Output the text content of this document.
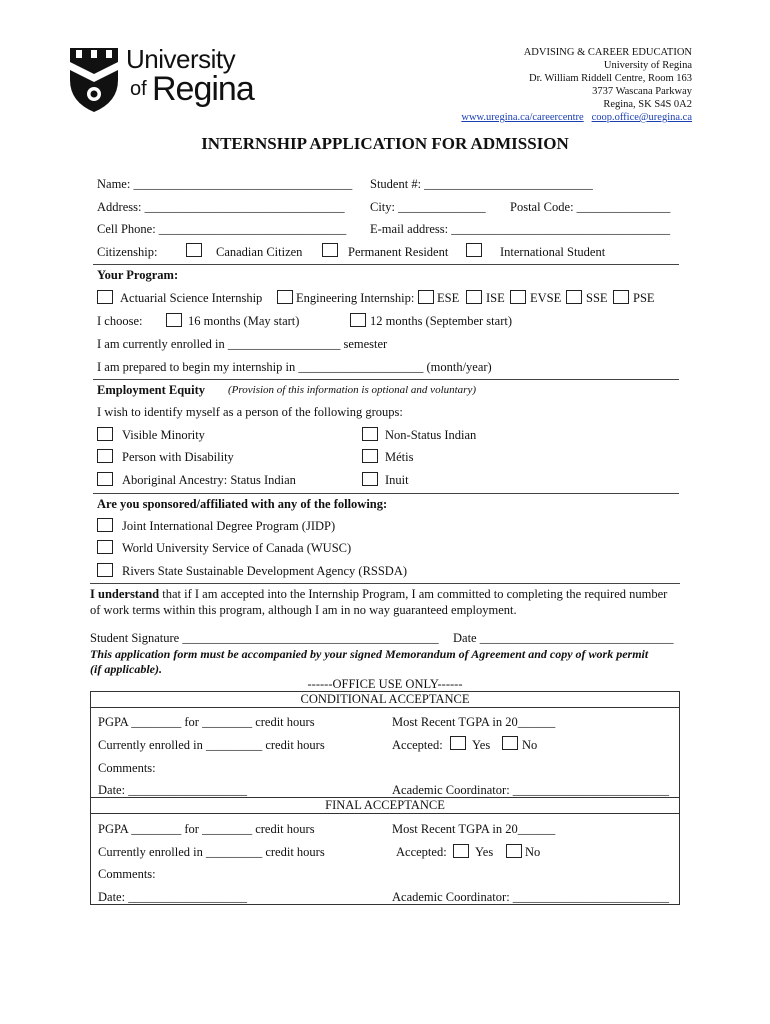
University
of Regina
ADVISING & CAREER EDUCATION
University of Regina
Dr. William Riddell Centre, Room 163
3737 Wascana Parkway
Regina, SK S4S 0A2
www.uregina.ca/careercentre coop.office@uregina.ca
INTERNSHIP APPLICATION FOR ADMISSION
Name: ___________________________________ Student #: ___________________________
Address: ________________________________ City: ______________ Postal Code: _______________
Cell Phone: ______________________________ E-mail address: ___________________________________
Citizenship:	Canadian Citizen	Permanent Resident	International Student
Your Program:
Actuarial Science Internship	Engineering Internship: ESE ISE EVSE SSE PSE
I choose:	16 months (May start)	12 months (September start)
I am currently enrolled in __________________ semester
I am prepared to begin my internship in ____________________ (month/year)
Employment Equity (Provision of this information is optional and voluntary)
I wish to identify myself as a person of the following groups:
Visible Minority	Non-Status Indian
Person with Disability	Métis
Aboriginal Ancestry: Status Indian	Inuit
Are you sponsored/affiliated with any of the following:
Joint International Degree Program (JIDP)
World University Service of Canada (WUSC)
Rivers State Sustainable Development Agency (RSSDA)
I understand that if I am accepted into the Internship Program, I am committed to completing the required number
of work terms within this program, although I am in no way guaranteed employment.
Student Signature _________________________________________ Date _______________________________
This application form must be accompanied by your signed Memorandum of Agreement and copy of work permit
(if applicable).
------OFFICE USE ONLY------
CONDITIONAL ACCEPTANCE
PGPA ________ for ________ credit hours	Most Recent TGPA in 20______
Currently enrolled in _________ credit hours	Accepted: Yes	No
Comments:
Date: ___________________	Academic Coordinator: _________________________
FINAL ACCEPTANCE
PGPA ________ for ________ credit hours	Most Recent TGPA in 20______
Currently enrolled in _________ credit hours	Accepted: Yes	No
Comments:
Date: ___________________	Academic Coordinator: _________________________
